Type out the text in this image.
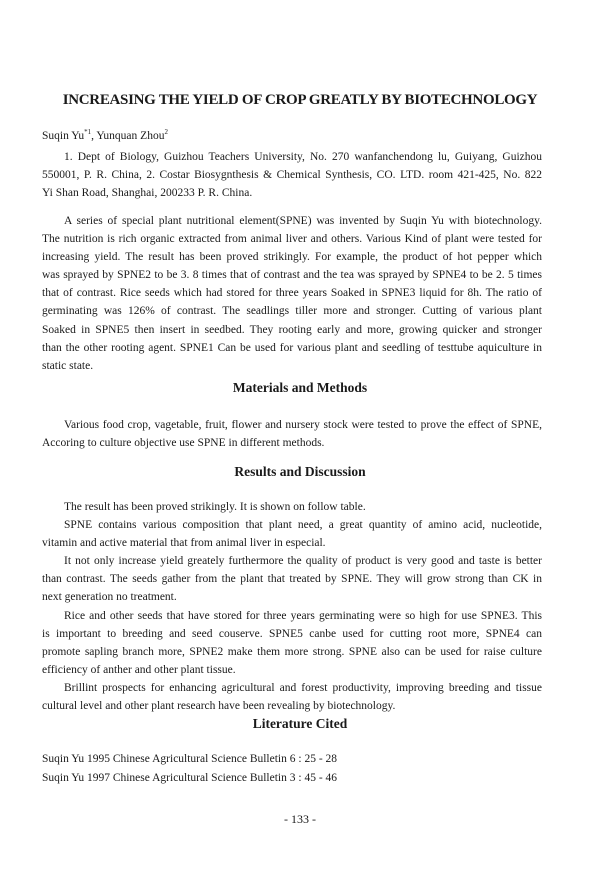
INCREASING THE YIELD OF CROP GREATLY BY BIOTECHNOLOGY
Suqin Yu$^{*1}$, Yunquan Zhou$^2$
1. Dept of Biology, Guizhou Teachers University, No. 270 wanfanchendong lu, Guiyang, Guizhou
550001, P. R. China, 2. Costar Biosygnthesis & Chemical Synthesis, CO. LTD. room 421-425, No. 822
Yi Shan Road, Shanghai, 200233 P. R. China.
A series of special plant nutritional element(SPNE) was invented by Suqin Yu with biotechnology.
The nutrition is rich organic extracted from animal liver and others. Various Kind of plant were tested for
increasing yield. The result has been proved strikingly. For example, the product of hot pepper which
was sprayed by SPNE2 to be 3. 8 times that of contrast and the tea was sprayed by SPNE4 to be 2. 5 times
that of contrast. Rice seeds which had stored for three years Soaked in SPNE3 liquid for 8h. The ratio of
germinating was 126% of contrast. The seadlings tiller more and stronger. Cutting of various plant
Soaked in SPNE5 then insert in seedbed. They rooting early and more, growing quicker and stronger
than the other rooting agent. SPNE1 Can be used for various plant and seedling of testtube aquiculture in
static state.
Materials and Methods
Various food crop, vagetable, fruit, flower and nursery stock were tested to prove the effect of SPNE,
Accoring to culture objective use SPNE in different methods.
Results and Discussion
The result has been proved strikingly. It is shown on follow table.
SPNE contains various composition that plant need, a great quantity of amino acid, nucleotide,
vitamin and active material that from animal liver in especial.
It not only increase yield greately furthermore the quality of product is very good and taste is better
than contrast. The seeds gather from the plant that treated by SPNE. They will grow strong than CK in
next generation no treatment.
Rice and other seeds that have stored for three years germinating were so high for use SPNE3. This
is important to breeding and seed couserve. SPNE5 canbe used for cutting root more, SPNE4 can
promote sapling branch more, SPNE2 make them more strong. SPNE also can be used for raise culture
efficiency of anther and other plant tissue.
Brillint prospects for enhancing agricultural and forest productivity, improving breeding and tissue
cultural level and other plant research have been revealing by biotechnology.
Literature Cited
Suqin Yu 1995 Chinese Agricultural Science Bulletin 6 : 25 - 28
Suqin Yu 1997 Chinese Agricultural Science Bulletin 3 : 45 - 46
- 133 -
